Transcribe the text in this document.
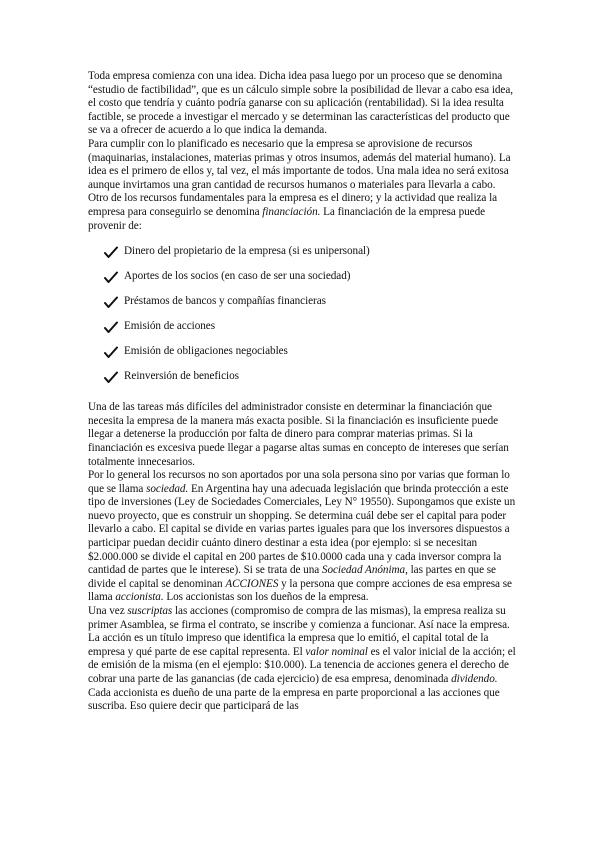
Toda empresa comienza con una idea. Dicha idea pasa luego por un proceso que se denomina “estudio de factibilidad”, que es un cálculo simple sobre la posibilidad de llevar a cabo esa idea, el costo que tendría y cuánto podría ganarse con su aplicación (rentabilidad). Si la idea resulta factible, se procede a investigar el mercado y se determinan las características del producto que se va a ofrecer de acuerdo a lo que indica la demanda.

Para cumplir con lo planificado es necesario que la empresa se aprovisione de recursos (maquinarias, instalaciones, materias primas y otros insumos, además del material humano). La idea es el primero de ellos y, tal vez, el más importante de todos. Una mala idea no será exitosa aunque invirtamos una gran cantidad de recursos humanos o materiales para llevarla a cabo.

Otro de los recursos fundamentales para la empresa es el dinero; y la actividad que realiza la empresa para conseguirlo se denomina financiación. La financiación de la empresa puede provenir de:

Dinero del propietario de la empresa (si es unipersonal)
Aportes de los socios (en caso de ser una sociedad)
Préstamos de bancos y compañías financieras
Emisión de acciones
Emisión de obligaciones negociables
Reinversión de beneficios

Una de las tareas más difíciles del administrador consiste en determinar la financiación que necesita la empresa de la manera más exacta posible. Si la financiación es insuficiente puede llegar a detenerse la producción por falta de dinero para comprar materias primas. Si la financiación es excesiva puede llegar a pagarse altas sumas en concepto de intereses que serían totalmente innecesarios.

Por lo general los recursos no son aportados por una sola persona sino por varias que forman lo que se llama sociedad. En Argentina hay una adecuada legislación que brinda protección a este tipo de inversiones (Ley de Sociedades Comerciales, Ley N° 19550). Supongamos que existe un nuevo proyecto, que es construir un shopping. Se determina cuál debe ser el capital para poder llevarlo a cabo. El capital se divide en varias partes iguales para que los inversores dispuestos a participar puedan decidir cuánto dinero destinar a esta idea (por ejemplo: si se necesitan $2.000.000 se divide el capital en 200 partes de $10.0000 cada una y cada inversor compra la cantidad de partes que le interese). Si se trata de una Sociedad Anónima, las partes en que se divide el capital se denominan ACCIONES y la persona que compre acciones de esa empresa se llama accionista. Los accionistas son los dueños de la empresa.

Una vez suscriptas las acciones (compromiso de compra de las mismas), la empresa realiza su primer Asamblea, se firma el contrato, se inscribe y comienza a funcionar. Así nace la empresa.

La acción es un título impreso que identifica la empresa que lo emitió, el capital total de la empresa y qué parte de ese capital representa. El valor nominal es el valor inicial de la acción; el de emisión de la misma (en el ejemplo: $10.000). La tenencia de acciones genera el derecho de cobrar una parte de las ganancias (de cada ejercicio) de esa empresa, denominada dividendo. Cada accionista es dueño de una parte de la empresa en parte proporcional a las acciones que suscriba. Eso quiere decir que participará de las
